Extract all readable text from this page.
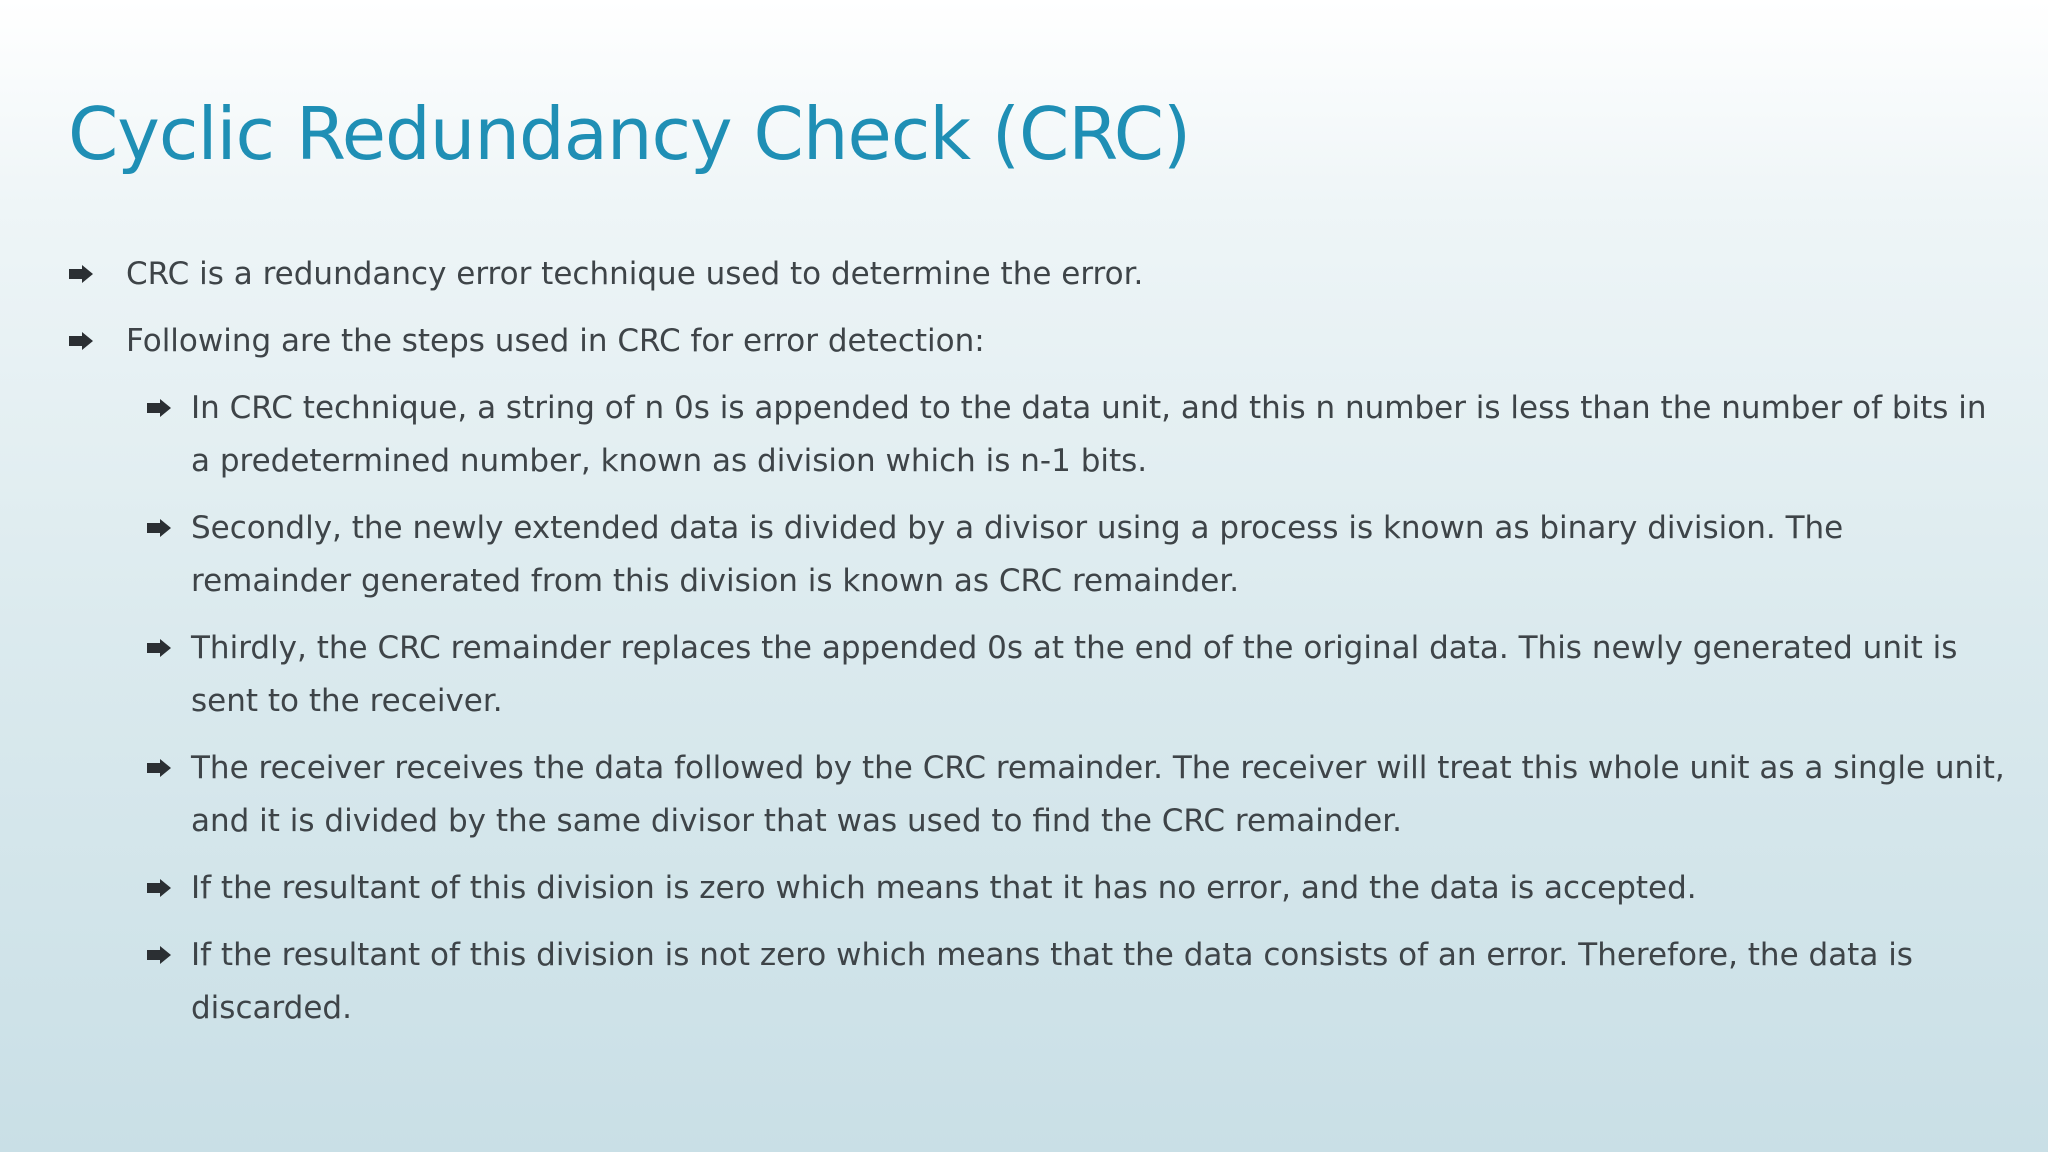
Cyclic Redundancy Check (CRC)
CRC is a redundancy error technique used to determine the error.
Following are the steps used in CRC for error detection:
In CRC technique, a string of n 0s is appended to the data unit, and this n number is less than the number of bits in a predetermined number, known as division which is n-1 bits.
Secondly, the newly extended data is divided by a divisor using a process is known as binary division. The remainder generated from this division is known as CRC remainder.
Thirdly, the CRC remainder replaces the appended 0s at the end of the original data. This newly generated unit is sent to the receiver.
The receiver receives the data followed by the CRC remainder. The receiver will treat this whole unit as a single unit, and it is divided by the same divisor that was used to find the CRC remainder.
If the resultant of this division is zero which means that it has no error, and the data is accepted.
If the resultant of this division is not zero which means that the data consists of an error. Therefore, the data is discarded.
